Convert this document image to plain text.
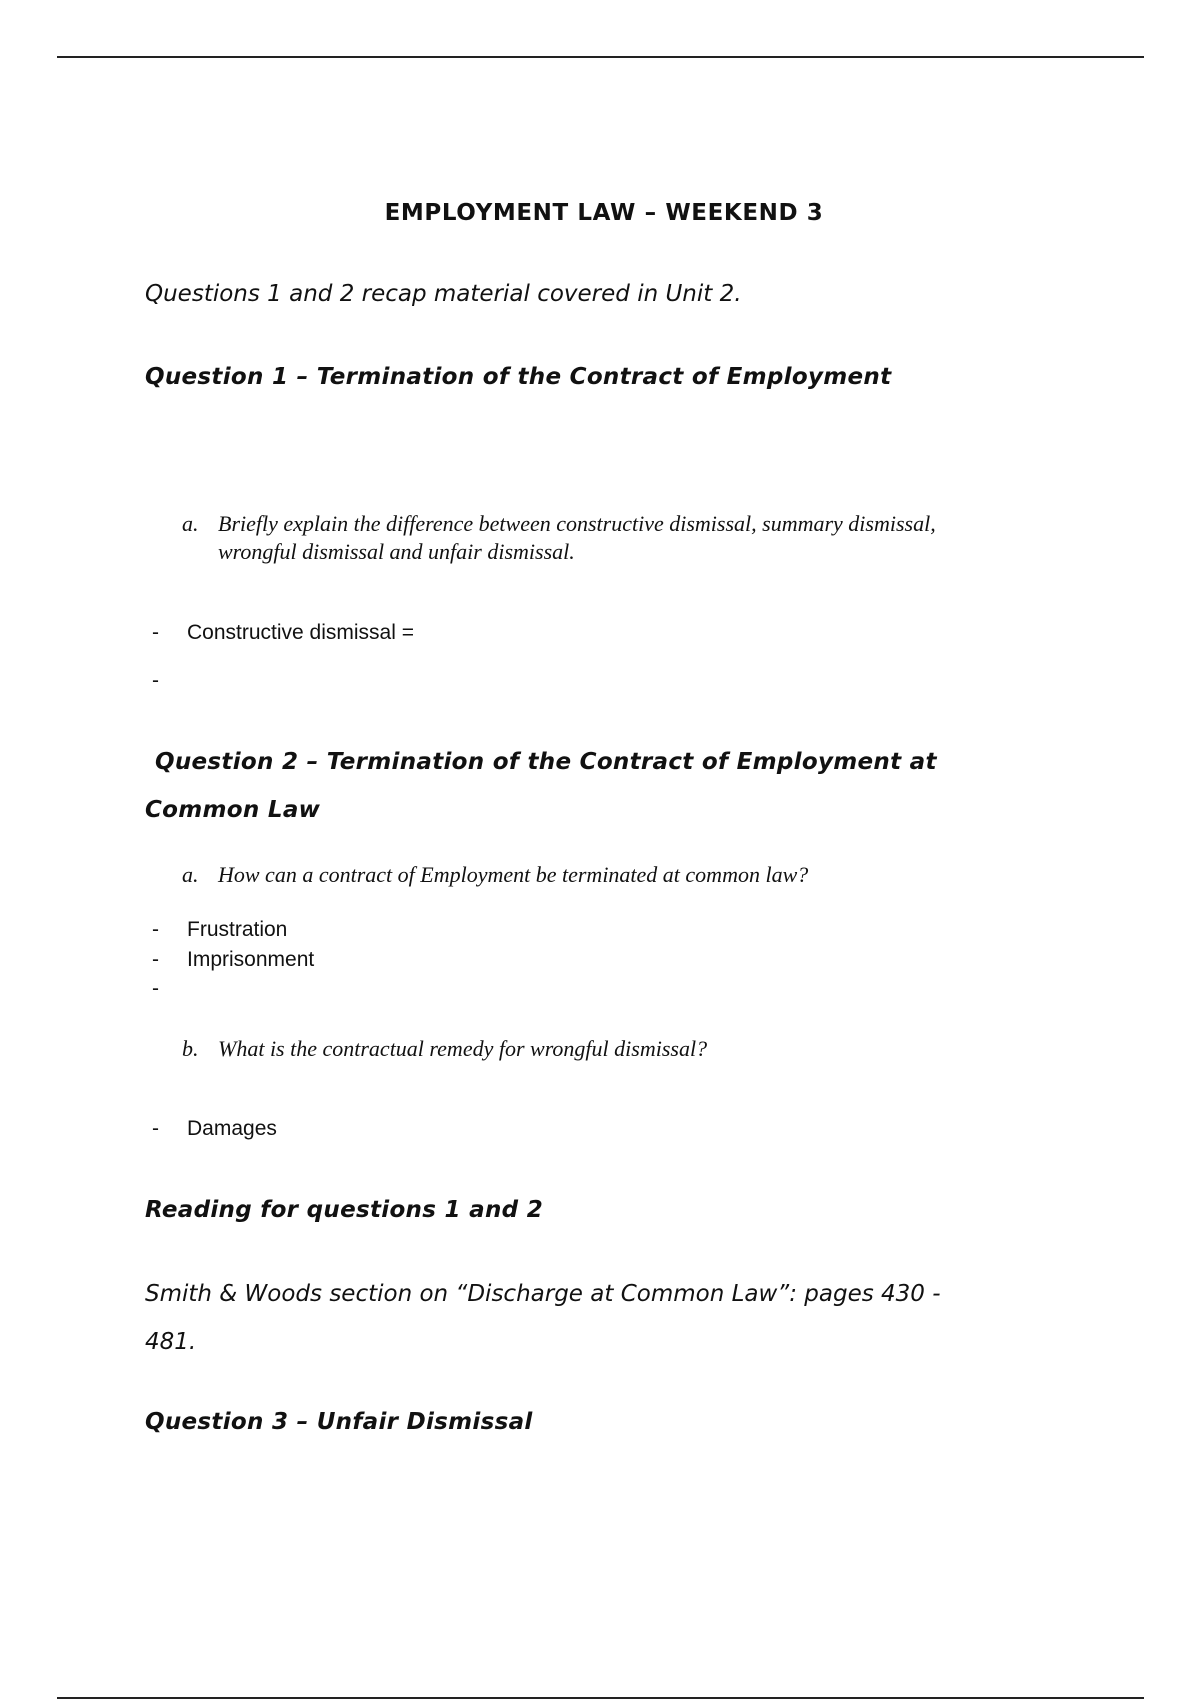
EMPLOYMENT LAW – WEEKEND 3

Questions 1 and 2 recap material covered in Unit 2.

Question 1 – Termination of the Contract of Employment
a. Briefly explain the difference between constructive dismissal, summary dismissal,
wrongful dismissal and unfair dismissal.
- Constructive dismissal =
-
Question 2 – Termination of the Contract of Employment at
Common Law
a. How can a contract of Employment be terminated at common law?
- Frustration
- Imprisonment
-
b. What is the contractual remedy for wrongful dismissal?
- Damages
Reading for questions 1 and 2

Smith & Woods section on “Discharge at Common Law”: pages 430 -
481.

Question 3 – Unfair Dismissal
